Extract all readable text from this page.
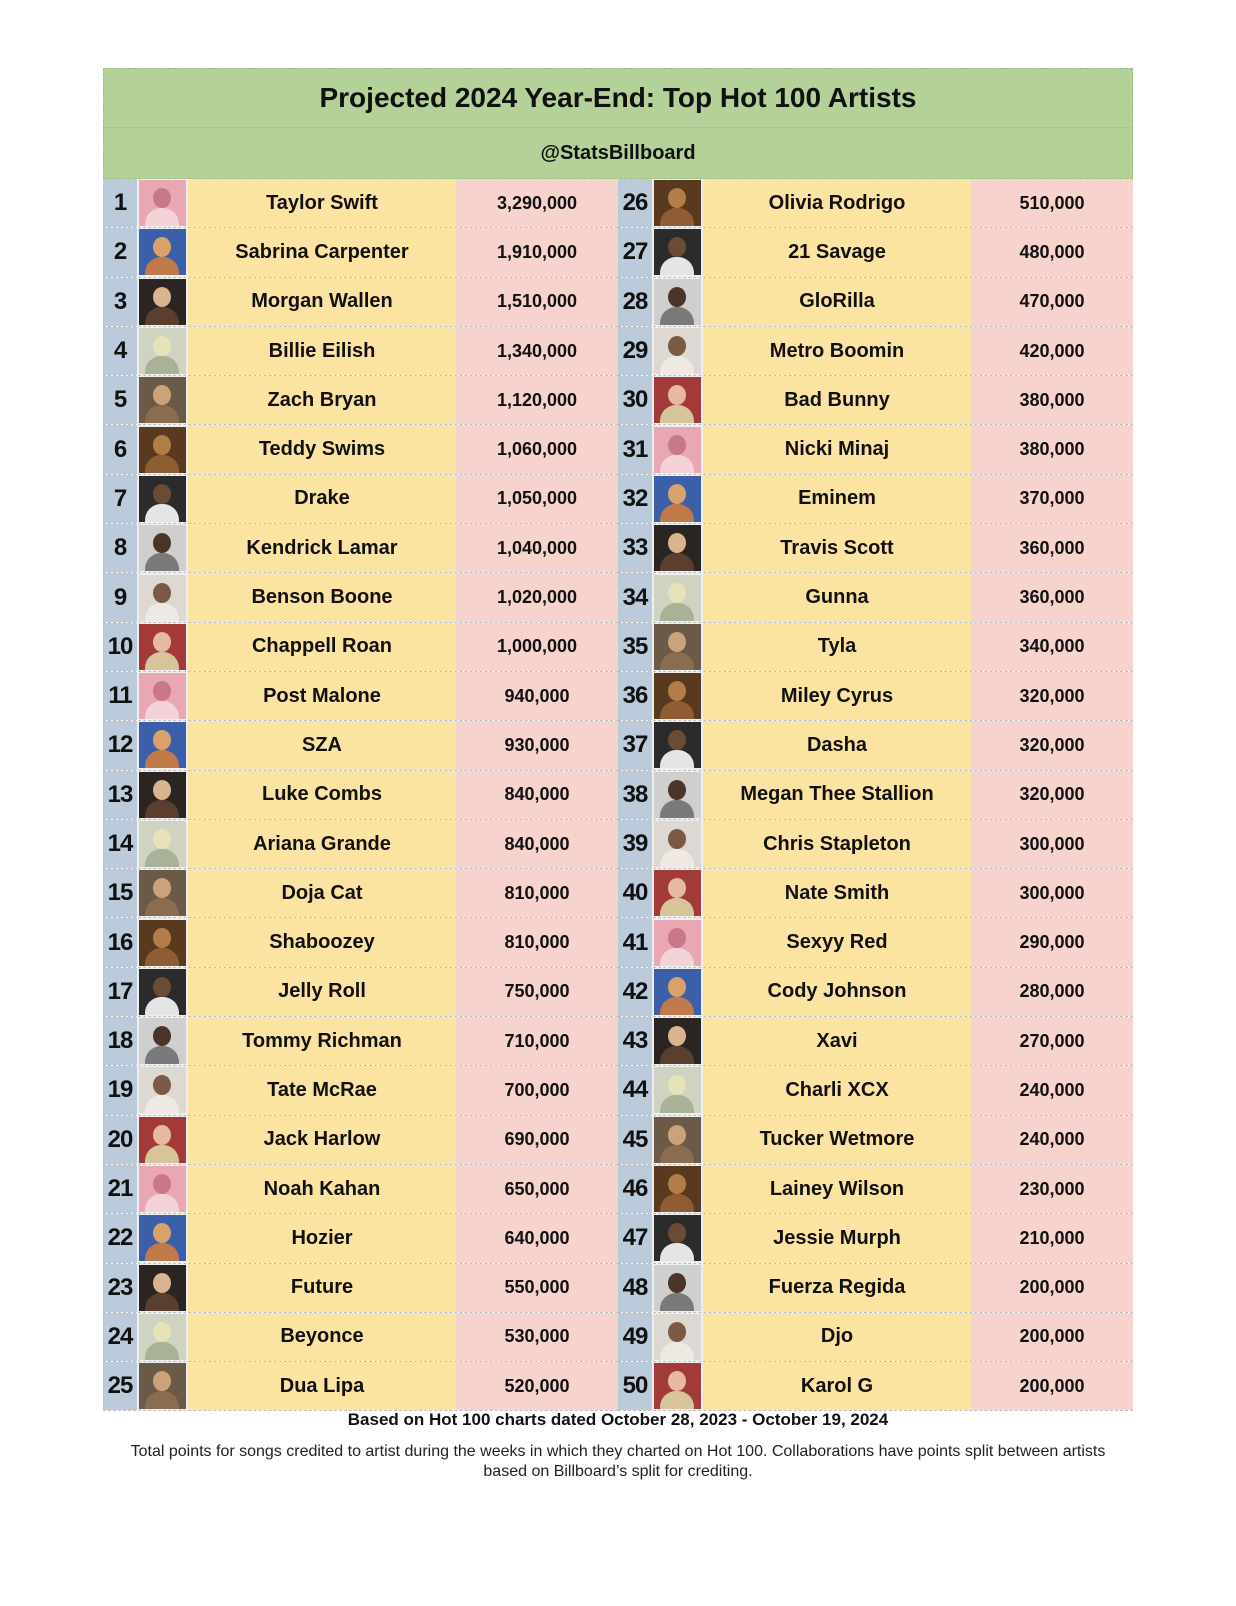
Projected 2024 Year-End: Top Hot 100 Artists
@StatsBillboard
1	Taylor Swift	3,290,000
2	Sabrina Carpenter	1,910,000
3	Morgan Wallen	1,510,000
4	Billie Eilish	1,340,000
5	Zach Bryan	1,120,000
6	Teddy Swims	1,060,000
7	Drake	1,050,000
8	Kendrick Lamar	1,040,000
9	Benson Boone	1,020,000
10	Chappell Roan	1,000,000
11	Post Malone	940,000
12	SZA	930,000
13	Luke Combs	840,000
14	Ariana Grande	840,000
15	Doja Cat	810,000
16	Shaboozey	810,000
17	Jelly Roll	750,000
18	Tommy Richman	710,000
19	Tate McRae	700,000
20	Jack Harlow	690,000
21	Noah Kahan	650,000
22	Hozier	640,000
23	Future	550,000
24	Beyonce	530,000
25	Dua Lipa	520,000
26	Olivia Rodrigo	510,000
27	21 Savage	480,000
28	GloRilla	470,000
29	Metro Boomin	420,000
30	Bad Bunny	380,000
31	Nicki Minaj	380,000
32	Eminem	370,000
33	Travis Scott	360,000
34	Gunna	360,000
35	Tyla	340,000
36	Miley Cyrus	320,000
37	Dasha	320,000
38	Megan Thee Stallion	320,000
39	Chris Stapleton	300,000
40	Nate Smith	300,000
41	Sexyy Red	290,000
42	Cody Johnson	280,000
43	Xavi	270,000
44	Charli XCX	240,000
45	Tucker Wetmore	240,000
46	Lainey Wilson	230,000
47	Jessie Murph	210,000
48	Fuerza Regida	200,000
49	Djo	200,000
50	Karol G	200,000
Based on Hot 100 charts dated October 28, 2023 - October 19, 2024
Total points for songs credited to artist during the weeks in which they charted on Hot 100. Collaborations have points split between artists based on Billboard’s split for crediting.
